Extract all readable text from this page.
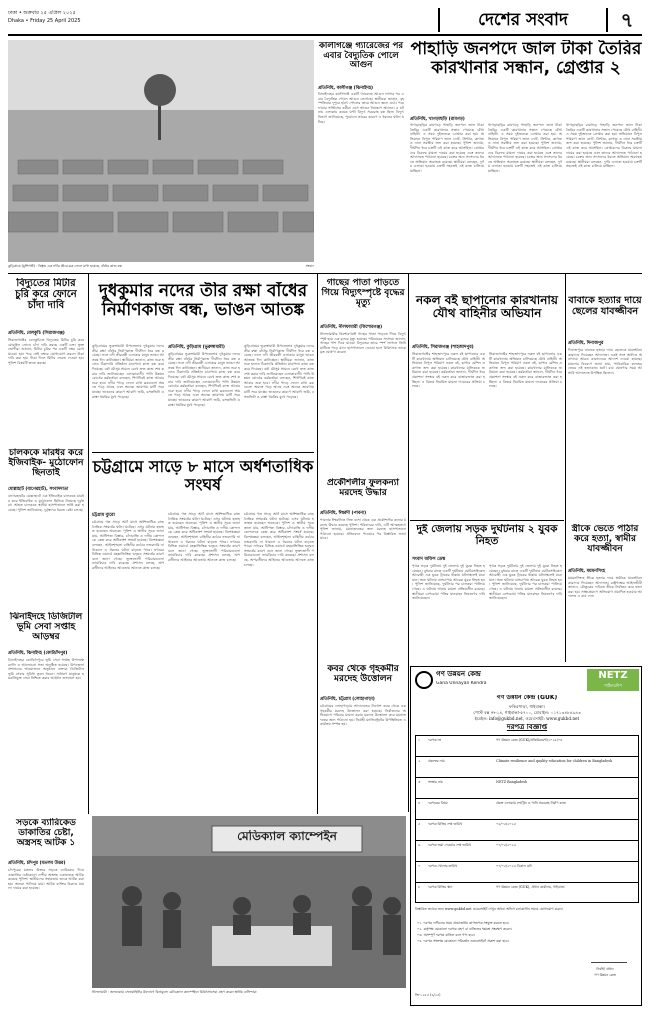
ঢাকা • শুক্রবার ২৫ এপ্রিল ২০২৫
Dhaka • Friday 25 April 2025	দেশের সংবাদ	৭
কুড়িগ্রামে (মুন্সিগঞ্জ) : বিস্তৃত এক নদীর তীরে ব্লক ফেলে রাখা হয়েছে, বাঁধের কাজ বন্ধ	সংবাদ
কালীগঞ্জে গ্যারেজের পর এবার বৈদ্যুতিক পোলে আগুন
প্রতিনিধি, কালীগঞ্জ (ঝিনাইদহ)
ঝিনাইদহের কালীগঞ্জে একটি গ্যারেজে আগুন লাগার পর এবার বৈদ্যুতিক পোলে আগুন লেগেছে। স্থানীয়রা জানান, বৃহস্পতিবার দুপুরে হঠাৎ পোলের তারে আগুন জ্বলে ওঠে। পরে ফায়ার সার্ভিসের কর্মীরা এসে আগুন নিয়ন্ত্রণে আনেন। এ ঘটনায় এলাকায় কয়েক ঘণ্টা বিদ্যুৎ সরবরাহ বন্ধ ছিল। বিদ্যুৎ বিভাগ জানিয়েছে, পুরোনো তারের কারণে এ ধরনের ঘটনা ঘটছে।
পাহাড়ি জনপদে জাল টাকা তৈরির কারখানার সন্ধান, গ্রেপ্তার ২
প্রতিনিধি, খাগড়াছড়ি (রামগড়)
খাগড়াছড়ির রামগড়ে পাহাড়ি জনপদে জাল টাকা তৈরির একটি কারখানার সন্ধান পেয়েছে যৌথ বাহিনী। এ সময় দুইজনকে গ্রেপ্তার করা হয়। অভিযানে বিপুল পরিমাণ জাল নোট, প্রিন্টার, কাগজ ও নানা সরঞ্জাম জব্দ করা হয়েছে। পুলিশ জানায়, দীর্ঘদিন ধরে চক্রটি এই কাজ করে আসছিল। গ্রেপ্তারদের বিরুদ্ধে মামলা দায়ের করা হয়েছে এবং তাদের আদালতে পাঠানো হয়েছে। চক্রের অন্য সদস্যদের ধরতে অভিযান অব্যাহত রয়েছে। স্থানীয়রা বলছেন, দুর্গম এলাকা হওয়ায় চক্রটি সহজেই এই কাজ চালিয়ে যাচ্ছিল।
খাগড়াছড়ির রামগড়ে পাহাড়ি জনপদে জাল টাকা তৈরির একটি কারখানার সন্ধান পেয়েছে যৌথ বাহিনী। এ সময় দুইজনকে গ্রেপ্তার করা হয়। অভিযানে বিপুল পরিমাণ জাল নোট, প্রিন্টার, কাগজ ও নানা সরঞ্জাম জব্দ করা হয়েছে। পুলিশ জানায়, দীর্ঘদিন ধরে চক্রটি এই কাজ করে আসছিল। গ্রেপ্তারদের বিরুদ্ধে মামলা দায়ের করা হয়েছে এবং তাদের আদালতে পাঠানো হয়েছে। চক্রের অন্য সদস্যদের ধরতে অভিযান অব্যাহত রয়েছে। স্থানীয়রা বলছেন, দুর্গম এলাকা হওয়ায় চক্রটি সহজেই এই কাজ চালিয়ে যাচ্ছিল।
খাগড়াছড়ির রামগড়ে পাহাড়ি জনপদে জাল টাকা তৈরির একটি কারখানার সন্ধান পেয়েছে যৌথ বাহিনী। এ সময় দুইজনকে গ্রেপ্তার করা হয়। অভিযানে বিপুল পরিমাণ জাল নোট, প্রিন্টার, কাগজ ও নানা সরঞ্জাম জব্দ করা হয়েছে। পুলিশ জানায়, দীর্ঘদিন ধরে চক্রটি এই কাজ করে আসছিল। গ্রেপ্তারদের বিরুদ্ধে মামলা দায়ের করা হয়েছে এবং তাদের আদালতে পাঠানো হয়েছে। চক্রের অন্য সদস্যদের ধরতে অভিযান অব্যাহত রয়েছে। স্থানীয়রা বলছেন, দুর্গম এলাকা হওয়ায় চক্রটি সহজেই এই কাজ চালিয়ে যাচ্ছিল।
বিদ্যুতের মিটার চুরি করে ফোনে চাঁদা দাবি
প্রতিনিধি, বেলকুচি (সিরাজগঞ্জ)
সিরাজগঞ্জের বেলকুচিতে বিদ্যুতের মিটার চুরি করে মোবাইল ফোনে চাঁদা দাবি করছে একটি চক্র। ভুক্তভোগীরা জানান, মিটার চুরির পর একটি নম্বর রেখে যাওয়া হয়। পরে সেই নম্বরে যোগাযোগ করলে টাকা দাবি করা হয়। টাকা দিলে মিটার ফেরত দেওয়া হয়। পুলিশ বিষয়টি তদন্ত করছে।
চালককে মারধর করে ইজিবাইক- মুঠোফোন ছিনতাই
মোল্লাহাট (বাগেরহাট), সংবাদদাতা
বাগেরহাটের মোল্লাহাটে এক ইজিবাইক চালককে মারধর করে ইজিবাইক ও মুঠোফোন ছিনিয়ে নিয়েছে দুর্বৃত্তরা। আহত চালককে স্থানীয় হাসপাতালে ভর্তি করা হয়েছে। পুলিশ জানিয়েছে, দুর্বৃত্তদের ধরতে চেষ্টা চলছে।
ঝিনাইদহে ডিজিটাল ভূমি সেবা সপ্তাহ আড়ম্বর
প্রতিনিধি, ঝিনাইদহ (কোটচাঁদপুর)
ঝিনাইদহের কোটচাঁদপুরে ভূমি সেবা সপ্তাহ উপলক্ষে র‍্যালি ও আলোচনা সভা অনুষ্ঠিত হয়েছে। উপজেলা প্রশাসনের আয়োজনে অনুষ্ঠানে বক্তারা ডিজিটাল ভূমি সেবার সুবিধা তুলে ধরেন। সাধারণ মানুষকে হয়রানিমুক্ত সেবা নিশ্চিত করার আহ্বান জানানো হয়।
সড়কে ব্যারিকেড ডাকাতির চেষ্টা, অস্ত্রসহ আটক ১
প্রতিনিধি, চাঁদপুর (মতলব উত্তর)
চাঁদপুরের মতলব উত্তরে সড়কে ব্যারিকেড দিয়ে ডাকাতির চেষ্টাকালে দেশীয় অস্ত্রসহ একজনকে আটক করেছে পুলিশ। স্থানীয়দের সহায়তায় তাকে আটক করা হয়। অন্যরা পালিয়ে যায়। আটক ব্যক্তির বিরুদ্ধে মামলা দায়ের করা হয়েছে।
দুধকুমার নদের তীর রক্ষা বাঁধের নির্মাণকাজ বন্ধ, ভাঙন আতঙ্ক
কুড়িগ্রামের ভুরুঙ্গামারী উপজেলায় দুধকুমার নদের তীর রক্ষা বাঁধের নির্মাণকাজ দীর্ঘদিন ধরে বন্ধ রয়েছে। ফলে নদী তীরবর্তী এলাকার মানুষ ভাঙন আতঙ্কে দিন কাটাচ্ছেন। স্থানীয়রা জানান, কাজ শুরু হলেও ঠিকাদারি প্রতিষ্ঠান মাঝপথে কাজ বন্ধ করে দিয়েছে। বর্ষা মৌসুম সামনে রেখে দ্রুত কাজ শেষ করার দাবি জানিয়েছেন এলাকাবাসী। পানি উন্নয়ন বোর্ডের কর্মকর্তারা বলছেন, শিগগিরই কাজ আবার শুরু হবে। নদীর পাড়ে ফেলে রাখা ব্লকগুলো অযত্নে পড়ে আছে এবং অনেক জায়গায় মাটি সরে যাচ্ছে। ভাঙনের কারণে আবাদি জমি, বসতভিটা ও রাস্তা হুমকির মুখে পড়েছে।
প্রতিনিধি, কুড়িগ্রাম (ভুরুঙ্গামারী)
কুড়িগ্রামের ভুরুঙ্গামারী উপজেলায় দুধকুমার নদের তীর রক্ষা বাঁধের নির্মাণকাজ দীর্ঘদিন ধরে বন্ধ রয়েছে। ফলে নদী তীরবর্তী এলাকার মানুষ ভাঙন আতঙ্কে দিন কাটাচ্ছেন। স্থানীয়রা জানান, কাজ শুরু হলেও ঠিকাদারি প্রতিষ্ঠান মাঝপথে কাজ বন্ধ করে দিয়েছে। বর্ষা মৌসুম সামনে রেখে দ্রুত কাজ শেষ করার দাবি জানিয়েছেন এলাকাবাসী। পানি উন্নয়ন বোর্ডের কর্মকর্তারা বলছেন, শিগগিরই কাজ আবার শুরু হবে। নদীর পাড়ে ফেলে রাখা ব্লকগুলো অযত্নে পড়ে আছে এবং অনেক জায়গায় মাটি সরে যাচ্ছে। ভাঙনের কারণে আবাদি জমি, বসতভিটা ও রাস্তা হুমকির মুখে পড়েছে।
কুড়িগ্রামের ভুরুঙ্গামারী উপজেলায় দুধকুমার নদের তীর রক্ষা বাঁধের নির্মাণকাজ দীর্ঘদিন ধরে বন্ধ রয়েছে। ফলে নদী তীরবর্তী এলাকার মানুষ ভাঙন আতঙ্কে দিন কাটাচ্ছেন। স্থানীয়রা জানান, কাজ শুরু হলেও ঠিকাদারি প্রতিষ্ঠান মাঝপথে কাজ বন্ধ করে দিয়েছে। বর্ষা মৌসুম সামনে রেখে দ্রুত কাজ শেষ করার দাবি জানিয়েছেন এলাকাবাসী। পানি উন্নয়ন বোর্ডের কর্মকর্তারা বলছেন, শিগগিরই কাজ আবার শুরু হবে। নদীর পাড়ে ফেলে রাখা ব্লকগুলো অযত্নে পড়ে আছে এবং অনেক জায়গায় মাটি সরে যাচ্ছে। ভাঙনের কারণে আবাদি জমি, বসতভিটা ও রাস্তা হুমকির মুখে পড়েছে।
চট্টগ্রামে সাড়ে ৮ মাসে অর্ধশতাধিক সংঘর্ষ
চট্টগ্রাম ব্যুরো
চট্টগ্রামে গত সাড়ে আট মাসে অর্ধশতাধিক রাজনৈতিক সংঘর্ষের ঘটনা ঘটেছে। এসব ঘটনায় হতাহত হয়েছেন অনেকে। পুলিশ ও স্থানীয় সূত্রে জানা যায়, আধিপত্য বিস্তার, চাঁদাবাজি ও দলীয় কোন্দলকে কেন্দ্র করে অধিকাংশ সংঘর্ষ হয়েছে। বিশেষজ্ঞরা বলছেন, আইনশৃঙ্খলা বাহিনীর কঠোর নজরদারি না থাকলে এ ধরনের ঘটনা বাড়তে পারে। নগরের বিভিন্ন ওয়ার্ডে মহল্লাভিত্তিক দ্বন্দ্বও সংঘর্ষের কারণ বলে জানা গেছে। ভুক্তভোগী পরিবারগুলো ন্যায়বিচার দাবি করেছে। প্রশাসন বলছে, অপরাধীদের আইনের আওতায় আনতে কাজ চলছে।
চট্টগ্রামে গত সাড়ে আট মাসে অর্ধশতাধিক রাজনৈতিক সংঘর্ষের ঘটনা ঘটেছে। এসব ঘটনায় হতাহত হয়েছেন অনেকে। পুলিশ ও স্থানীয় সূত্রে জানা যায়, আধিপত্য বিস্তার, চাঁদাবাজি ও দলীয় কোন্দলকে কেন্দ্র করে অধিকাংশ সংঘর্ষ হয়েছে। বিশেষজ্ঞরা বলছেন, আইনশৃঙ্খলা বাহিনীর কঠোর নজরদারি না থাকলে এ ধরনের ঘটনা বাড়তে পারে। নগরের বিভিন্ন ওয়ার্ডে মহল্লাভিত্তিক দ্বন্দ্বও সংঘর্ষের কারণ বলে জানা গেছে। ভুক্তভোগী পরিবারগুলো ন্যায়বিচার দাবি করেছে। প্রশাসন বলছে, অপরাধীদের আইনের আওতায় আনতে কাজ চলছে।
চট্টগ্রামে গত সাড়ে আট মাসে অর্ধশতাধিক রাজনৈতিক সংঘর্ষের ঘটনা ঘটেছে। এসব ঘটনায় হতাহত হয়েছেন অনেকে। পুলিশ ও স্থানীয় সূত্রে জানা যায়, আধিপত্য বিস্তার, চাঁদাবাজি ও দলীয় কোন্দলকে কেন্দ্র করে অধিকাংশ সংঘর্ষ হয়েছে। বিশেষজ্ঞরা বলছেন, আইনশৃঙ্খলা বাহিনীর কঠোর নজরদারি না থাকলে এ ধরনের ঘটনা বাড়তে পারে। নগরের বিভিন্ন ওয়ার্ডে মহল্লাভিত্তিক দ্বন্দ্বও সংঘর্ষের কারণ বলে জানা গেছে। ভুক্তভোগী পরিবারগুলো ন্যায়বিচার দাবি করেছে। প্রশাসন বলছে, অপরাধীদের আইনের আওতায় আনতে কাজ চলছে।
গাছের পাতা পাড়তে গিয়ে বিদ্যুৎস্পৃষ্টে বৃদ্ধের মৃত্যু
প্রতিনিধি, নীলফামারী (কিশোরগঞ্জ)
নীলফামারীর কিশোরগঞ্জে গাছের পাতা পাড়তে গিয়ে বিদ্যুৎস্পৃষ্ট হয়ে এক বৃদ্ধের মৃত্যু হয়েছে। পরিবারের সদস্যরা জানান, গাছের পাশ দিয়ে যাওয়া বিদ্যুতের তারে স্পর্শ লাগলে তিনি মাটিতে পড়ে যান। হাসপাতালে নেওয়া হলে চিকিৎসক তাকে মৃত ঘোষণা করেন।
প্রকৌশলীর ফুলকন্যা মরদেহ উদ্ধার
প্রতিনিধি, ঈশ্বরদী (পাবনা)
পাবনার ঈশ্বরদীতে নিজ বাসা থেকে এক প্রকৌশলীর কন্যার মরদেহ উদ্ধার করেছে পুলিশ। পরিবারের দাবি, এটি আত্মহত্যা। পুলিশ জানায়, ময়নাতদন্তের জন্য মরদেহ হাসপাতালে পাঠানো হয়েছে। প্রতিবেদন পাওয়ার পর বিস্তারিত জানা যাবে।
কবর থেকে গৃহকর্মীর মরদেহ উত্তোলন
প্রতিনিধি, চট্টগ্রাম (লোহাগাড়া)
চট্টগ্রামের লোহাগাড়ায় আদালতের নির্দেশে কবর থেকে এক গৃহকর্মীর মরদেহ উত্তোলন করা হয়েছে। নির্যাতনের অভিযোগে পরিবার মামলা করায় মরদেহ উত্তোলন করে ময়নাতদন্তের জন্য পাঠানো হয়। নির্বাহী ম্যাজিস্ট্রেটের উপস্থিতিতে এ কার্যক্রম সম্পন্ন হয়।
নকল বই ছাপানোর কারখানায় যৌথ বাহিনীর অভিযান
প্রতিনিধি, সিরাজগঞ্জ (শাহজাদপুর)
সিরাজগঞ্জের শাহজাদপুরে নকল বই ছাপানোর একটি কারখানায় অভিযান চালিয়েছে যৌথ বাহিনী। অভিযানে বিপুল পরিমাণ নকল বই, ছাপার মেশিন ও কাগজ জব্দ করা হয়েছে। কারখানার মালিককে জরিমানা করা হয়েছে। কর্মকর্তারা জানান, দীর্ঘদিন ধরে প্রকাশনা সংস্থার বই নকল করে বাজারজাত করা হচ্ছিল। এ বিষয়ে নিয়মিত মামলা দায়েরের প্রক্রিয়া চলছে।
সিরাজগঞ্জের শাহজাদপুরে নকল বই ছাপানোর একটি কারখানায় অভিযান চালিয়েছে যৌথ বাহিনী। অভিযানে বিপুল পরিমাণ নকল বই, ছাপার মেশিন ও কাগজ জব্দ করা হয়েছে। কারখানার মালিককে জরিমানা করা হয়েছে। কর্মকর্তারা জানান, দীর্ঘদিন ধরে প্রকাশনা সংস্থার বই নকল করে বাজারজাত করা হচ্ছিল। এ বিষয়ে নিয়মিত মামলা দায়েরের প্রক্রিয়া চলছে।
বাবাকে হত্যার দায়ে ছেলের যাবজ্জীবন
প্রতিনিধি, দিনাজপুর
দিনাজপুরে বাবাকে হত্যার দায়ে ছেলেকে যাবজ্জীবন কারাদণ্ড দিয়েছেন আদালত। একই সঙ্গে অর্থদণ্ড অনাদায়ে আরও কারাদণ্ডের আদেশ দেওয়া হয়েছে। মামলার বিবরণে জানা যায়, পারিবারিক কলহের জেরে এই হত্যাকাণ্ড ঘটে। রায় ঘোষণার সময় আসামি আদালতে উপস্থিত ছিলেন।
স্ত্রীকে ভেতে পাঠার করে হত্যা, স্বামীর যাবজ্জীবন
প্রতিনিধি, ময়মনসিংহ
ময়মনসিংহে স্ত্রীকে হত্যার দায়ে স্বামীকে যাবজ্জীবন কারাদণ্ড দিয়েছেন আদালত। রাষ্ট্রপক্ষের আইনজীবী জানান, যৌতুকের দাবিতে স্ত্রীকে নির্যাতন করে হত্যা করা হয়। সাক্ষ্যপ্রমাণে অভিযোগ প্রমাণিত হওয়ায় আদালত এ রায় দেন।
দুই জেলায় সড়ক দুর্ঘটনায় ২ যুবক নিহত
সংবাদ অফিস ডেস্ক
পৃথক সড়ক দুর্ঘটনায় দুই জেলায় দুই যুবক নিহত হয়েছেন। বুধবার রাতে একটি দুর্ঘটনায় মোটরসাইকেল আরোহী এক যুবক ট্রাকের ধাক্কায় ঘটনাস্থলেই মারা যান। অন্য ঘটনায় বাসচাপায় আরেক যুবক নিহত হন। পুলিশ জানিয়েছে, দুর্ঘটনার পর চালকরা পালিয়ে গেছে। এ ঘটনায় থানায় মামলা প্রক্রিয়াধীন রয়েছে। স্থানীয়রা বেপরোয়া গতির যানবাহন নিয়ন্ত্রণের দাবি জানিয়েছেন।
পৃথক সড়ক দুর্ঘটনায় দুই জেলায় দুই যুবক নিহত হয়েছেন। বুধবার রাতে একটি দুর্ঘটনায় মোটরসাইকেল আরোহী এক যুবক ট্রাকের ধাক্কায় ঘটনাস্থলেই মারা যান। অন্য ঘটনায় বাসচাপায় আরেক যুবক নিহত হন। পুলিশ জানিয়েছে, দুর্ঘটনার পর চালকরা পালিয়ে গেছে। এ ঘটনায় থানায় মামলা প্রক্রিয়াধীন রয়েছে। স্থানীয়রা বেপরোয়া গতির যানবাহন নিয়ন্ত্রণের দাবি জানিয়েছেন।
গণ উন্নয়ন কেন্দ্র
Gana Unnayan Kendra
NETZ
পার্টনারশিপ
গণ উন্নয়ন কেন্দ্র (GUK)
ফকিরপাড়া, গাইবান্ধা।
পোস্ট বক্স নং-১৪, গাইবান্ধা-৫৭০০, মোবাইল: ০১৭১৩৪৮৪৯৪৩
ইমেইল: info@gukbd.net, ওয়েবসাইট: www.gukbd.net
দরপত্র বিজ্ঞপ্তি
১	দরপত্র নং	গণ উন্নয়ন কেন্দ্র (GUK)/প্রকিউরমেন্ট/২০২৫/০৪
২	প্রকল্পের নাম	Climate resilience and quality education for children in Bangladesh
৩	সংস্থার নাম	NETZ Bangladesh
৪	দরপত্রের বিষয়	প্রকল্প এলাকায় ল্যাট্রিন ও পানি সরবরাহ নির্মাণ কাজ
৫	দরপত্র বিক্রির শেষ তারিখ	০৫/০৫/২০২৫
৬	দরপত্র জমা দেওয়ার শেষ তারিখ	০৭/০৫/২০২৫
৭	দরপত্র খোলার তারিখ	০৭/০৫/২০২৫ বিকাল ৩টা
৮	দরপত্র বিক্রির স্থান	গণ উন্নয়ন কেন্দ্র (GUK), প্রধান কার্যালয়, গাইবান্ধা
বিস্তারিত তথ্যের জন্য www.gukbd.net ওয়েবসাইট দেখুন অথবা অফিস চলাকালীন সময়ে যোগাযোগ করুন।
০১. দরপত্র দাখিলের সময় প্রয়োজনীয় কাগজপত্র সংযুক্ত করতে হবে।
০২. কর্তৃপক্ষ যেকোনো দরপত্র গ্রহণ বা বাতিলের ক্ষমতা সংরক্ষণ করেন।
০৩. অসম্পূর্ণ দরপত্র বাতিল বলে গণ্য হবে।
০৪. দরপত্র সংক্রান্ত যেকোনো পরিবর্তন ওয়েবসাইটে প্রকাশ করা হবে।
নির্বাহী প্রধান
গণ উন্নয়ন কেন্দ্র
জি-১২৫৫ (৪/২৫)
মেডিক্যাল ক্যাম্পেইন
নীলফামারী : জলঢাকায় সেনাবাহিনীর উদ্যোগে বিনামূল্যে মেডিক্যাল ক্যাম্পেইনে চিকিৎসাসেবা গ্রহণ করেন স্থানীয় বাসিন্দারা
